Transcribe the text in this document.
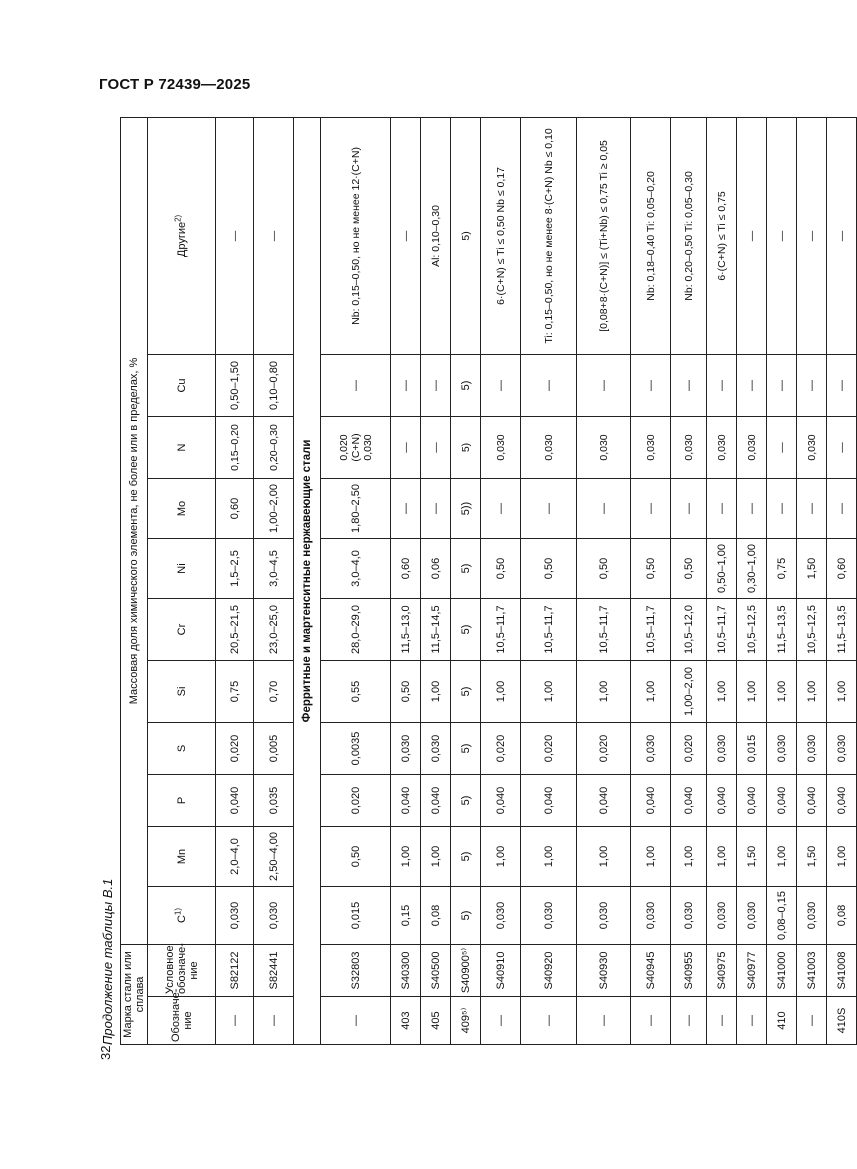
ГОСТ Р 72439—2025
32
Продолжение таблицы В.1 Марка стали или сплава		Массовая доля химического элемента, не более или в пределах, %										
Обозначе-ние	Условное обозначе-ние	$C^{1)}$	Mn	P	S	Si	Cr	Ni	Mo	N	Cu	Другие$^{2)}$
—	S82122	0,030	2,0–4,0	0,040	0,020	0,75	20,5–21,5	1,5–2,5	0,60	0,15–0,20	0,50–1,50	—
—	S82441	0,030	2,50–4,00	0,035	0,005	0,70	23,0–25,0	3,0–4,5	1,00–2,00	0,20–0,30	0,10–0,80	—
Ферритные и мартенситные нержавеющие стали												
—	S32803	0,015	0,50	0,020	0,0035	0,55	28,0–29,0	3,0–4,0	1,80–2,50	0,020 (C+N) 0,030	—	Nb: 0,15–0,50, но не менее 12·(C+N)
403	S40300	0,15	1,00	0,040	0,030	0,50	11,5–13,0	0,60	—	—	—	—
405	S40500	0,08	1,00	0,040	0,030	1,00	11,5–14,5	0,06	—	—	—	Al: 0,10–0,30
409⁵⁾	S40900⁵⁾	5)	5)	5)	5)	5)	5)	5)	5))	5)	5)	5)
—	S40910	0,030	1,00	0,040	0,020	1,00	10,5–11,7	0,50	—	0,030	—	6·(C+N) ≤ Ti ≤ 0,50 Nb ≤ 0,17
—	S40920	0,030	1,00	0,040	0,020	1,00	10,5–11,7	0,50	—	0,030	—	Ti: 0,15–0,50, но не менее 8·(C+N) Nb ≤ 0,10
—	S40930	0,030	1,00	0,040	0,020	1,00	10,5–11,7	0,50	—	0,030	—	[0,08+8·(C+N)] ≤ (Ti+Nb) ≤ 0,75 Ti ≥ 0,05
—	S40945	0,030	1,00	0,040	0,030	1,00	10,5–11,7	0,50	—	0,030	—	Nb: 0,18–0,40 Ti: 0,05–0,20
—	S40955	0,030	1,00	0,040	0,020	1,00–2,00	10,5–12,0	0,50	—	0,030	—	Nb: 0,20–0,50 Ti: 0,05–0,30
—	S40975	0,030	1,00	0,040	0,030	1,00	10,5–11,7	0,50–1,00	—	0,030	—	6·(C+N) ≤ Ti ≤ 0,75
—	S40977	0,030	1,50	0,040	0,015	1,00	10,5–12,5	0,30–1,00	—	0,030	—	—
410	S41000	0,08–0,15	1,00	0,040	0,030	1,00	11,5–13,5	0,75	—	—	—	—
—	S41003	0,030	1,50	0,040	0,030	1,00	10,5–12,5	1,50	—	0,030	—	—
410S	S41008	0,08	1,00	0,040	0,030	1,00	11,5–13,5	0,60	—	—	—	—
